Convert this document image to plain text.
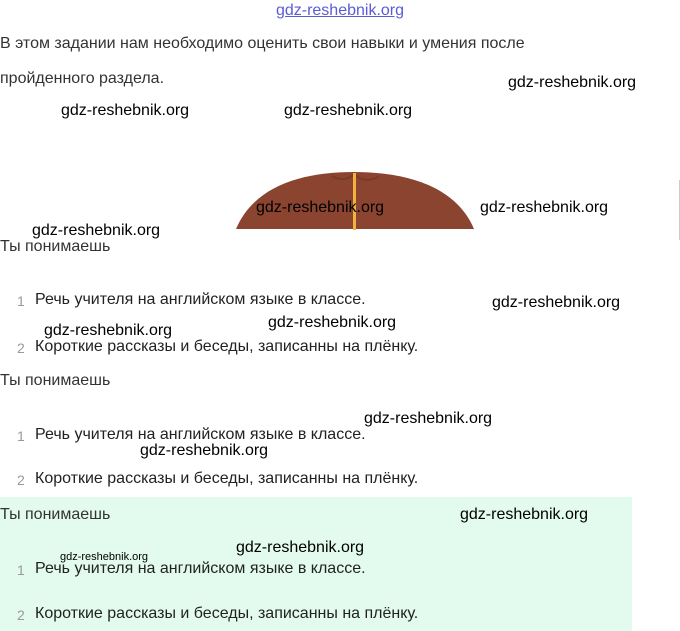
gdz-reshebnik.org
В этом задании нам необходимо оценить свои навыки и умения после
пройденного раздела.
Ты понимаешь
1 Речь учителя на английском языке в классе.
2 Короткие рассказы и беседы, записанны на плёнку.
Ты понимаешь
1 Речь учителя на английском языке в классе.
2 Короткие рассказы и беседы, записанны на плёнку.
Ты понимаешь
1 Речь учителя на английском языке в классе.
2 Короткие рассказы и беседы, записанны на плёнку.
gdz-reshebnik.org
gdz-reshebnik.org	gdz-reshebnik.org
gdz-reshebnik.org	gdz-reshebnik.org
gdz-reshebnik.org
gdz-reshebnik.org
gdz-reshebnik.org
gdz-reshebnik.org
gdz-reshebnik.org
gdz-reshebnik.org
gdz-reshebnik.org
gdz-reshebnik.org
gdz-reshebnik.org
